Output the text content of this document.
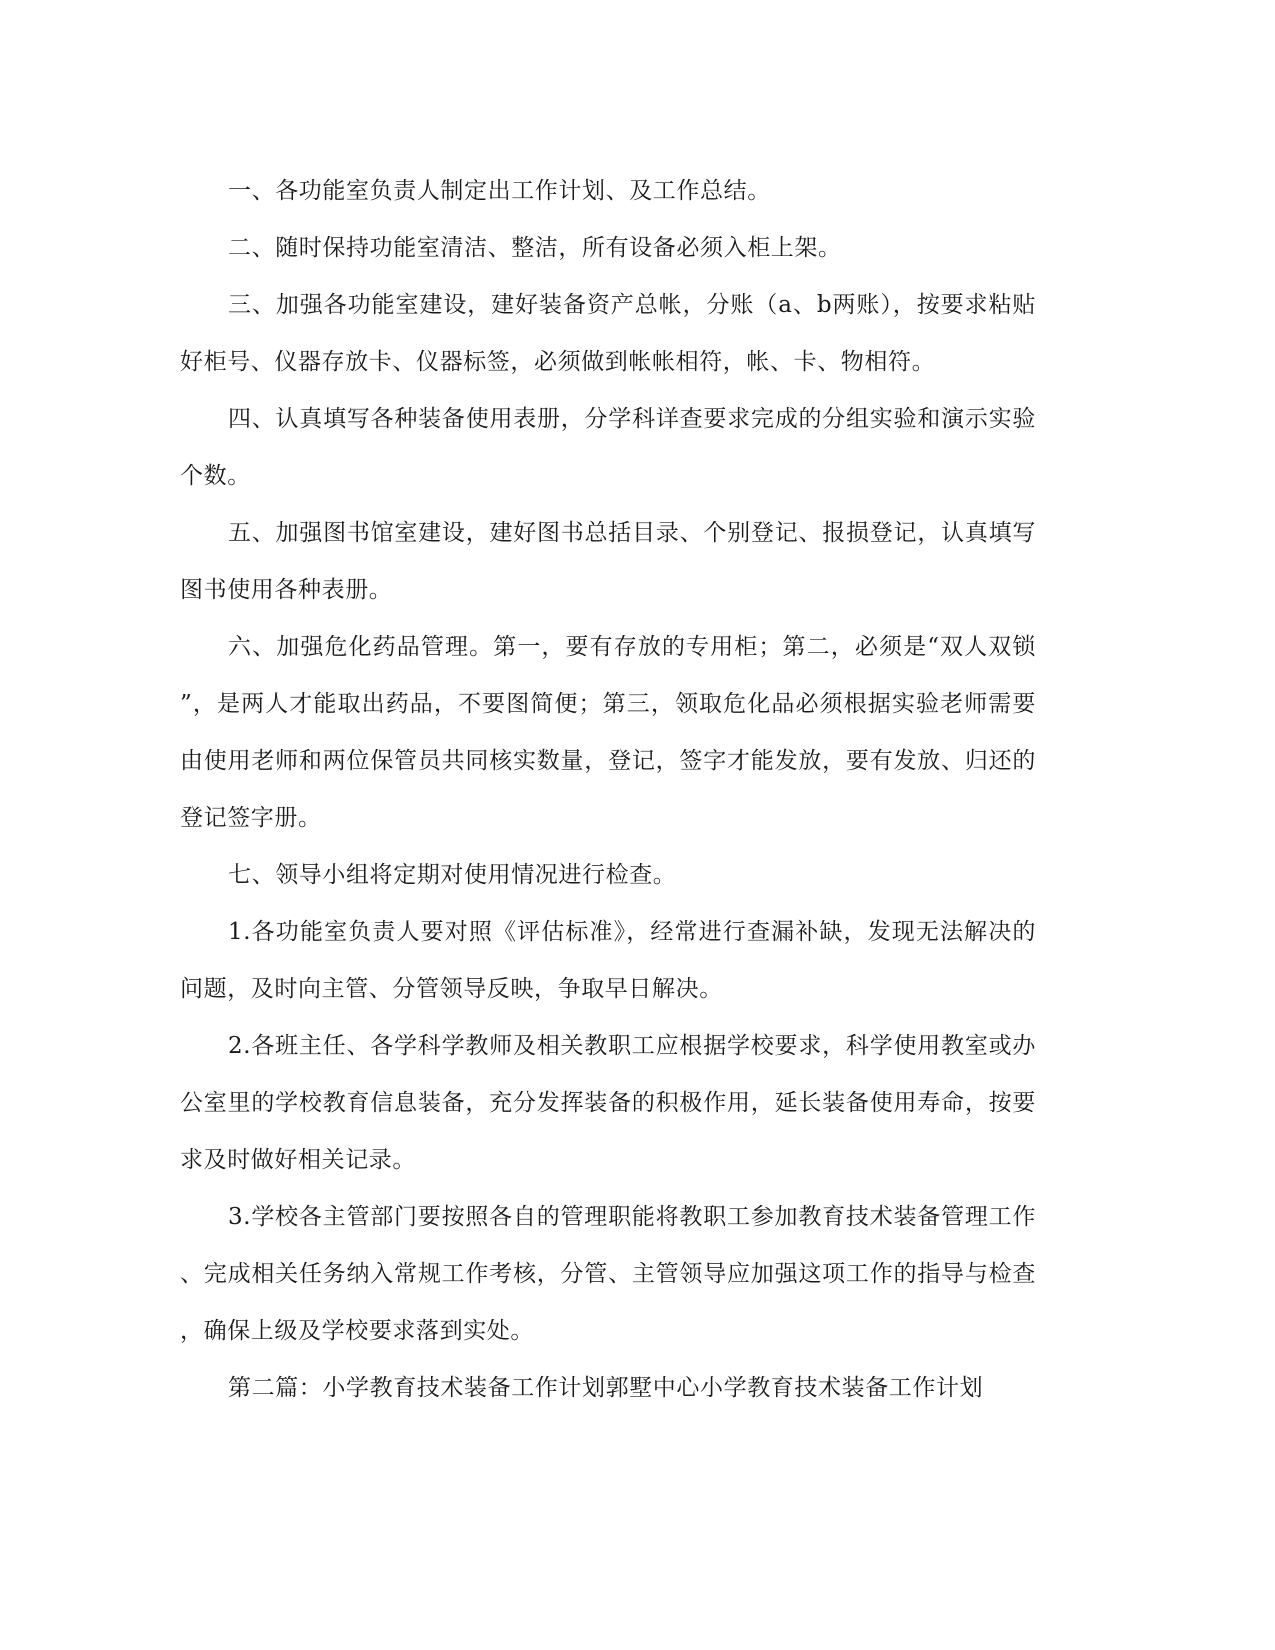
一、各功能室负责人制定出工作计划、及工作总结。
二、随时保持功能室清洁、整洁，所有设备必须入柜上架。
三、加强各功能室建设，建好装备资产总帐，分账（a、b两账），按要求粘贴
好柜号、仪器存放卡、仪器标签，必须做到帐帐相符，帐、卡、物相符。
四、认真填写各种装备使用表册，分学科详查要求完成的分组实验和演示实验
个数。
五、加强图书馆室建设，建好图书总括目录、个别登记、报损登记，认真填写
图书使用各种表册。
六、加强危化药品管理。第一，要有存放的专用柜；第二，必须是“双人双锁
”，是两人才能取出药品，不要图简便；第三，领取危化品必须根据实验老师需要
由使用老师和两位保管员共同核实数量，登记，签字才能发放，要有发放、归还的
登记签字册。
七、领导小组将定期对使用情况进行检查。
1.各功能室负责人要对照《评估标准》，经常进行查漏补缺，发现无法解决的
问题，及时向主管、分管领导反映，争取早日解决。
2.各班主任、各学科学教师及相关教职工应根据学校要求，科学使用教室或办
公室里的学校教育信息装备，充分发挥装备的积极作用，延长装备使用寿命，按要
求及时做好相关记录。
3.学校各主管部门要按照各自的管理职能将教职工参加教育技术装备管理工作
、完成相关任务纳入常规工作考核，分管、主管领导应加强这项工作的指导与检查
，确保上级及学校要求落到实处。
第二篇：小学教育技术装备工作计划郭墅中心小学教育技术装备工作计划
